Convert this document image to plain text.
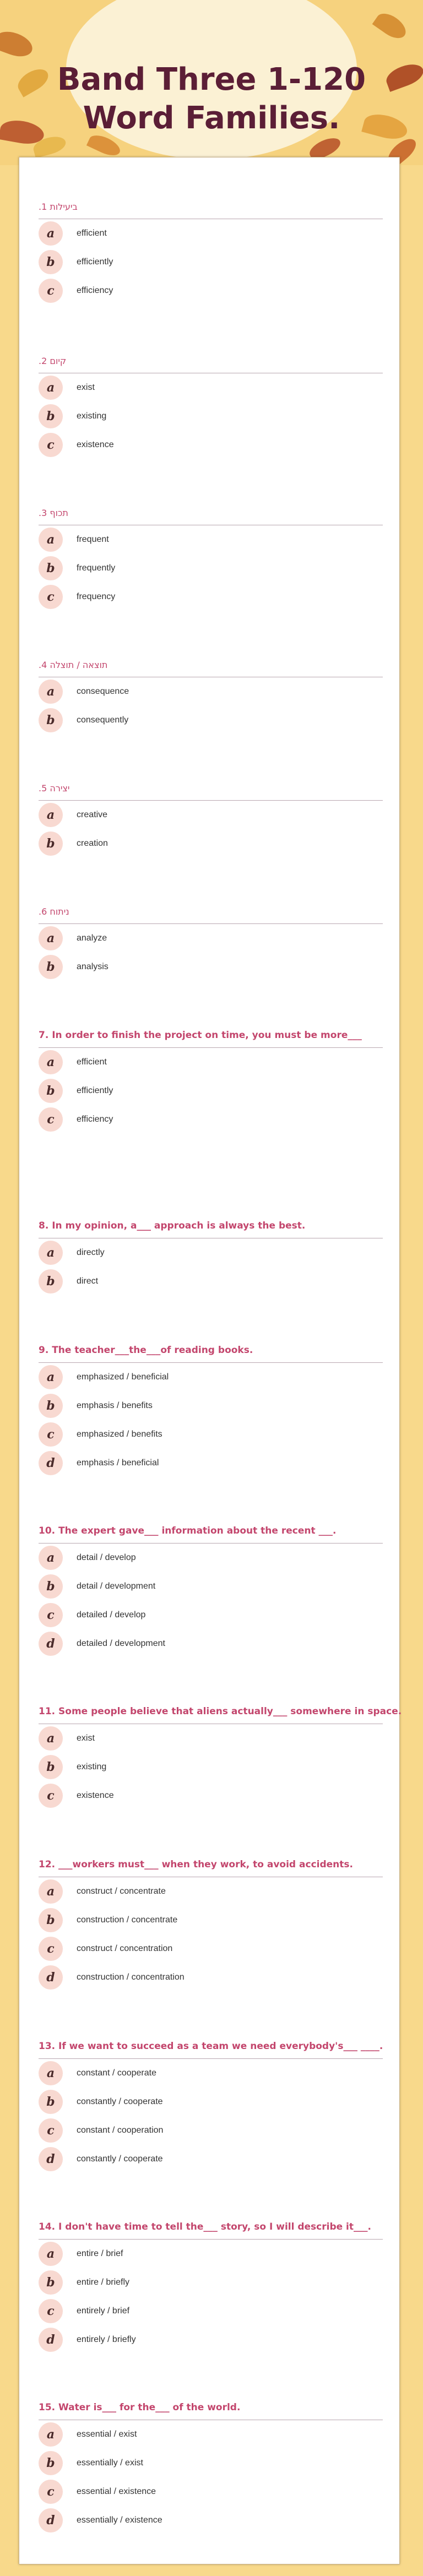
Band Three 1-120
Word Families.
.1 ביעילות
a	efficient
b	efficiently
c	efficiency
.2 קיום
a	exist
b	existing
c	existence
.3 תכוף
a	frequent
b	frequently
c	frequency
.4 תוצאה / תוצלה
a	consequence
b	consequently
.5 יצירה
a	creative
b	creation
.6 ניתוח
a	analyze
b	analysis
7. In order to finish the project on time, you must be more___
a	efficient
b	efficiently
c	efficiency
8. In my opinion, a___ approach is always the best.
a	directly
b	direct
9. The teacher___the___of reading books.
a	emphasized / beneficial
b	emphasis / benefits
c	emphasized / benefits
d	emphasis / beneficial
10. The expert gave___ information about the recent ___.
a	detail / develop
b	detail / development
c	detailed / develop
d	detailed / development
11. Some people believe that aliens actually___ somewhere in space.
a	exist
b	existing
c	existence
12. ___workers must___ when they work, to avoid accidents.
a	construct / concentrate
b	construction / concentrate
c	construct / concentration
d	construction / concentration
13. If we want to succeed as a team we need everybody's___ ____.
a	constant / cooperate
b	constantly / cooperate
c	constant / cooperation
d	constantly / cooperate
14. I don't have time to tell the___ story, so I will describe it___.
a	entire / brief
b	entire / briefly
c	entirely / brief
d	entirely / briefly
15. Water is___ for the___ of the world.
a	essential / exist
b	essentially / exist
c	essential / existence
d	essentially / existence
